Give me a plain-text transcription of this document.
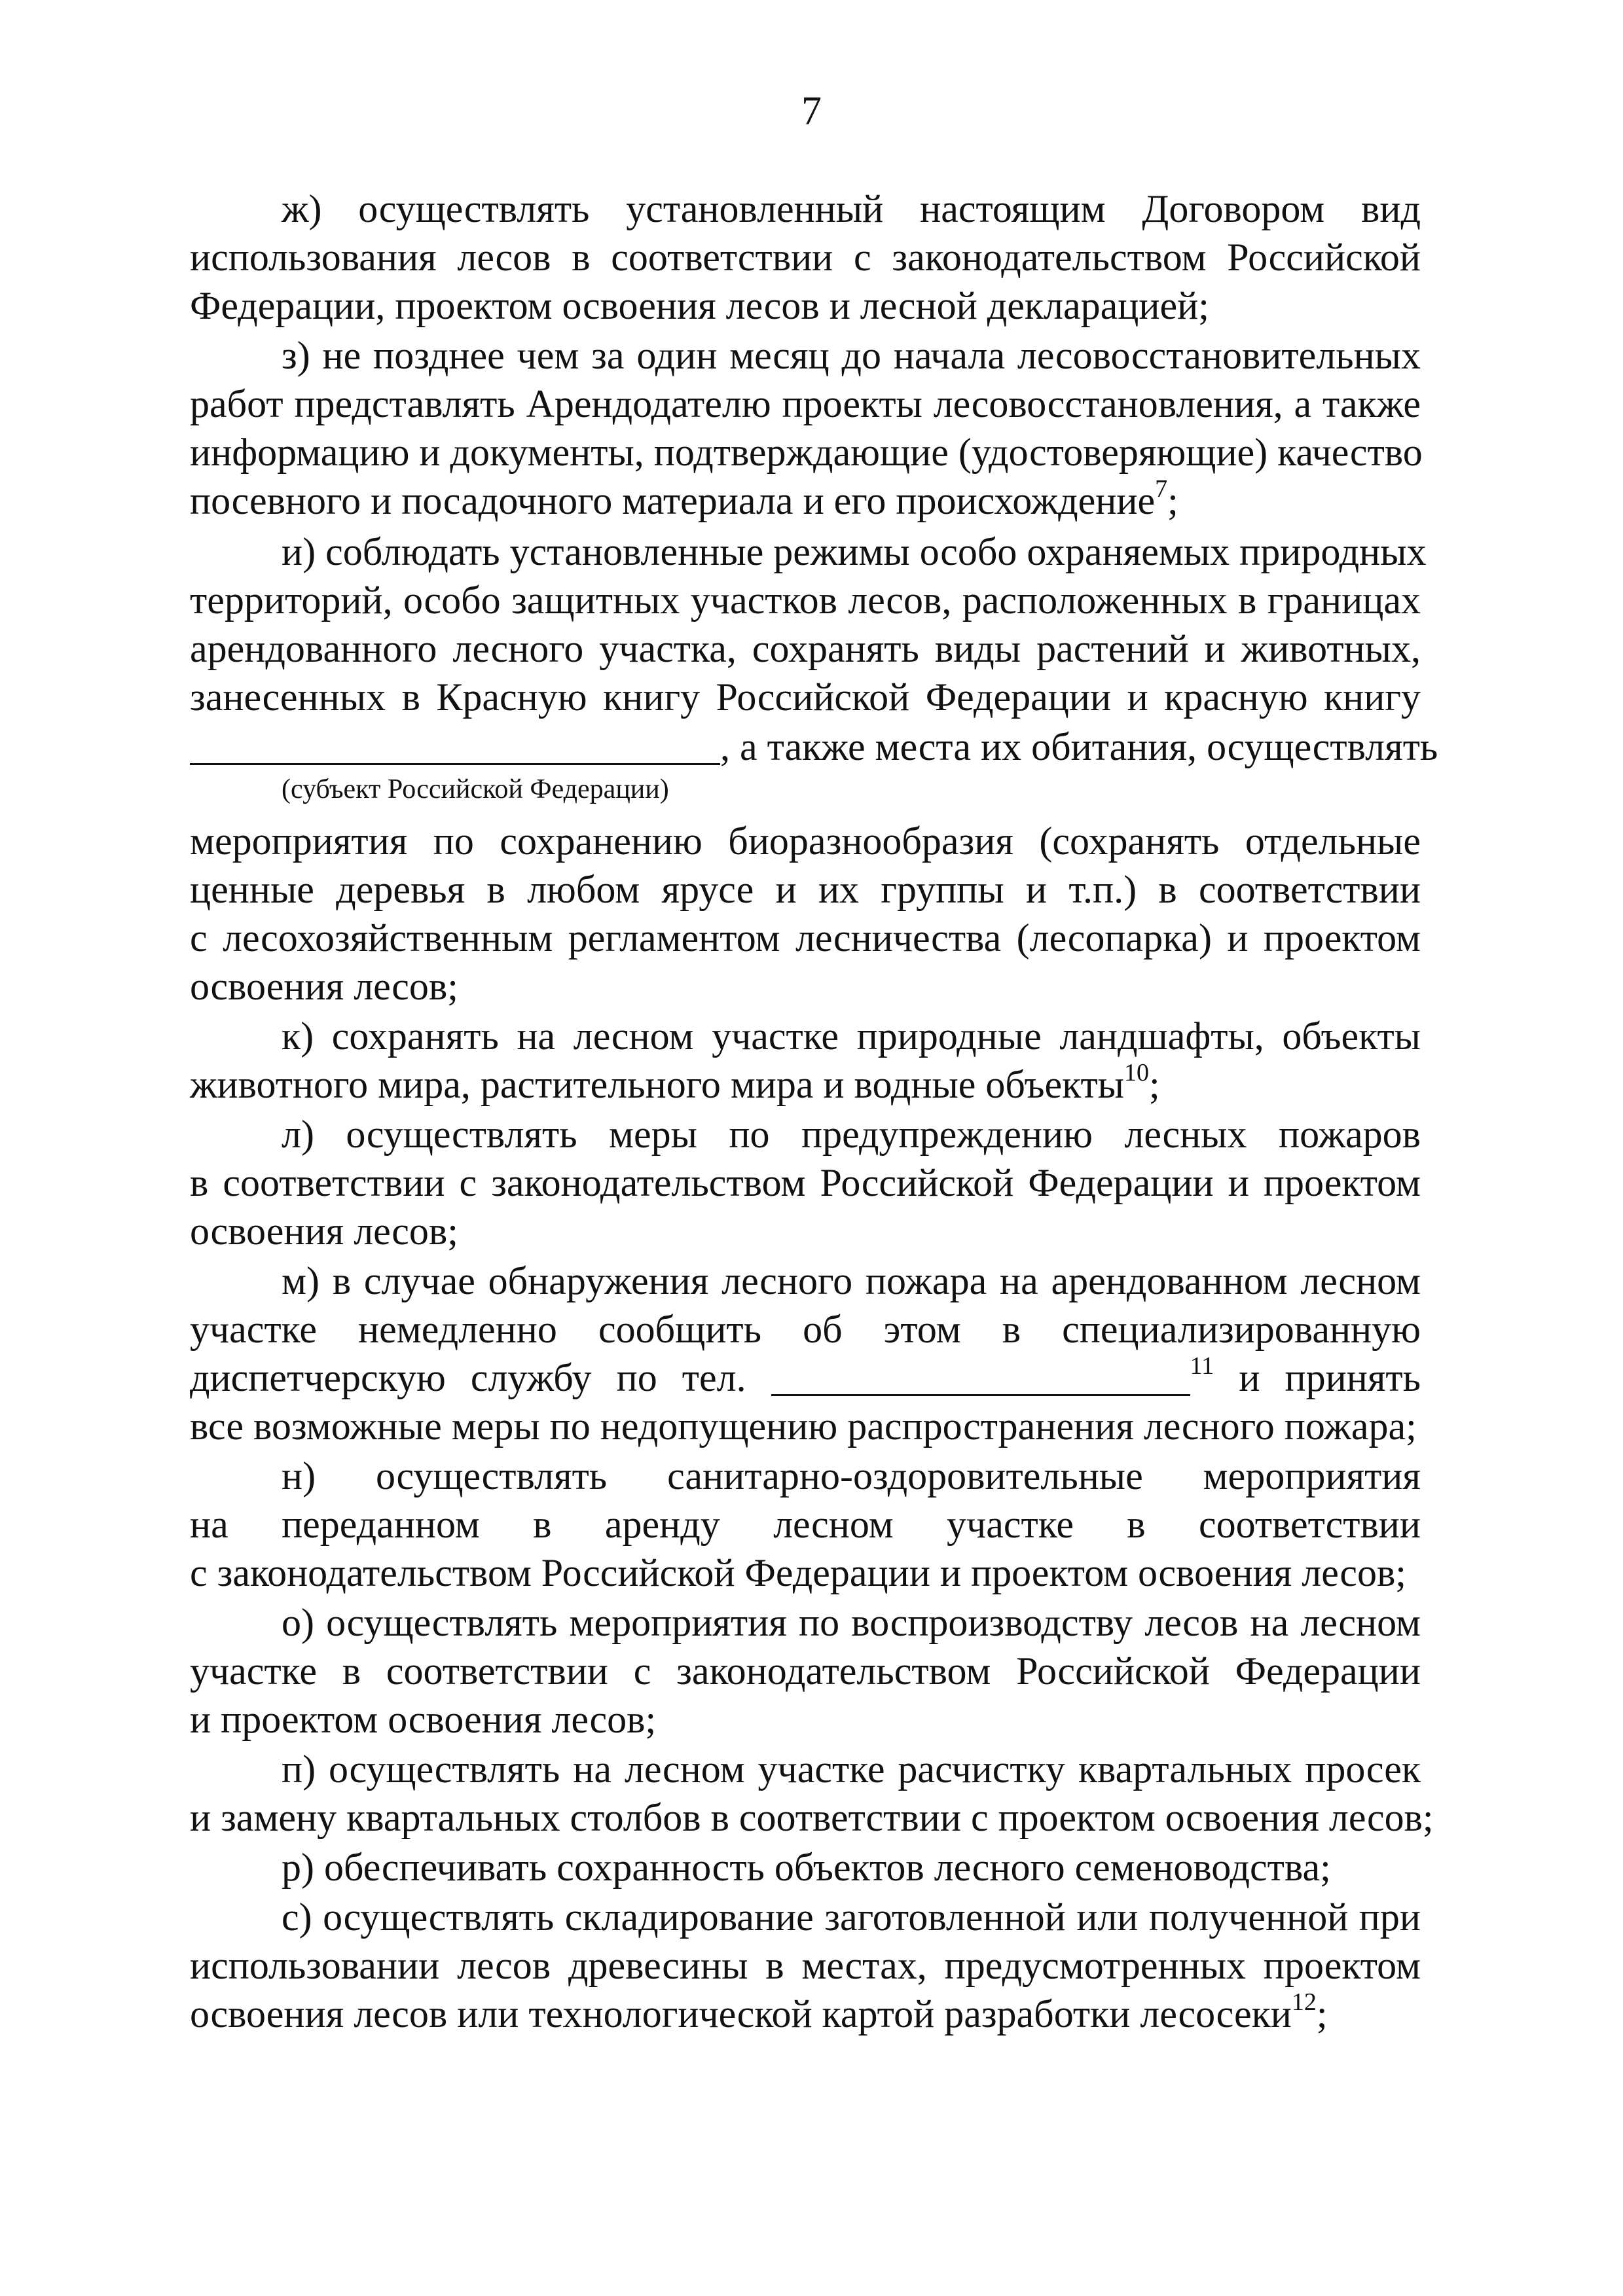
7
ж) осуществлять установленный настоящим Договором вид
использования лесов в соответствии с законодательством Российской
Федерации, проектом освоения лесов и лесной декларацией;
з) не позднее чем за один месяц до начала лесовосстановительных
работ представлять Арендодателю проекты лесовосстановления, а также
информацию и документы, подтверждающие (удостоверяющие) качество
посевного и посадочного материала и его происхождение$^7$;
и) соблюдать установленные режимы особо охраняемых природных
территорий, особо защитных участков лесов, расположенных в границах
арендованного лесного участка, сохранять виды растений и животных,
занесенных в Красную книгу Российской Федерации и красную книгу
, а также места их обитания, осуществлять
(субъект Российской Федерации)
мероприятия по сохранению биоразнообразия (сохранять отдельные
ценные деревья в любом ярусе и их группы и т.п.) в соответствии
с лесохозяйственным регламентом лесничества (лесопарка) и проектом
освоения лесов;
к) сохранять на лесном участке природные ландшафты, объекты
животного мира, растительного мира и водные объекты$^{10}$;
л) осуществлять меры по предупреждению лесных пожаров
в соответствии с законодательством Российской Федерации и проектом
освоения лесов;
м) в случае обнаружения лесного пожара на арендованном лесном
участке немедленно сообщить об этом в специализированную
диспетчерскую службу по тел.	$^{11}$ и принять
все возможные меры по недопущению распространения лесного пожара;
н) осуществлять санитарно-оздоровительные мероприятия
на переданном в аренду лесном участке в соответствии
с законодательством Российской Федерации и проектом освоения лесов;
о) осуществлять мероприятия по воспроизводству лесов на лесном
участке в соответствии с законодательством Российской Федерации
и проектом освоения лесов;
п) осуществлять на лесном участке расчистку квартальных просек
и замену квартальных столбов в соответствии с проектом освоения лесов;
р) обеспечивать сохранность объектов лесного семеноводства;
с) осуществлять складирование заготовленной или полученной при
использовании лесов древесины в местах, предусмотренных проектом
освоения лесов или технологической картой разработки лесосеки$^{12}$;
